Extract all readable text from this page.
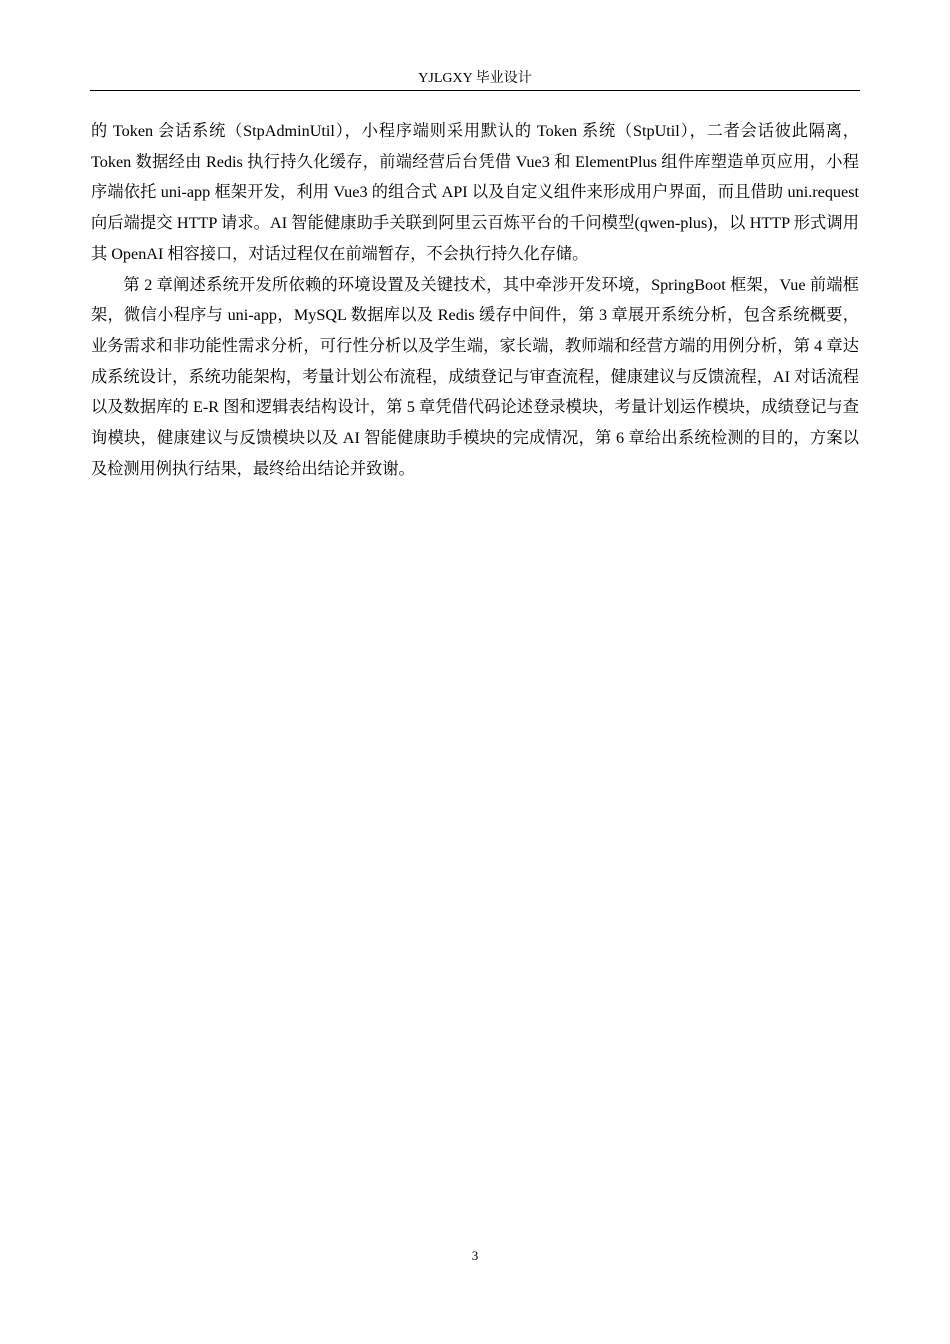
YJLGXY 毕业设计

的 Token 会话系统（StpAdminUtil），小程序端则采用默认的 Token 系统（StpUtil），二者会话彼此隔离，Token 数据经由 Redis 执行持久化缓存，前端经营后台凭借 Vue3 和 ElementPlus 组件库塑造单页应用，小程序端依托 uni-app 框架开发，利用 Vue3 的组合式 API 以及自定义组件来形成用户界面，而且借助 uni.request 向后端提交 HTTP 请求。AI 智能健康助手关联到阿里云百炼平台的千问模型(qwen-plus)，以 HTTP 形式调用其 OpenAI 相容接口，对话过程仅在前端暂存，不会执行持久化存储。

第 2 章阐述系统开发所依赖的环境设置及关键技术，其中牵涉开发环境，SpringBoot 框架，Vue 前端框架，微信小程序与 uni-app，MySQL 数据库以及 Redis 缓存中间件，第 3 章展开系统分析，包含系统概要，业务需求和非功能性需求分析，可行性分析以及学生端，家长端，教师端和经营方端的用例分析，第 4 章达成系统设计，系统功能架构，考量计划公布流程，成绩登记与审查流程，健康建议与反馈流程，AI 对话流程以及数据库的 E-R 图和逻辑表结构设计，第 5 章凭借代码论述登录模块，考量计划运作模块，成绩登记与查询模块，健康建议与反馈模块以及 AI 智能健康助手模块的完成情况，第 6 章给出系统检测的目的，方案以及检测用例执行结果，最终给出结论并致谢。

3
